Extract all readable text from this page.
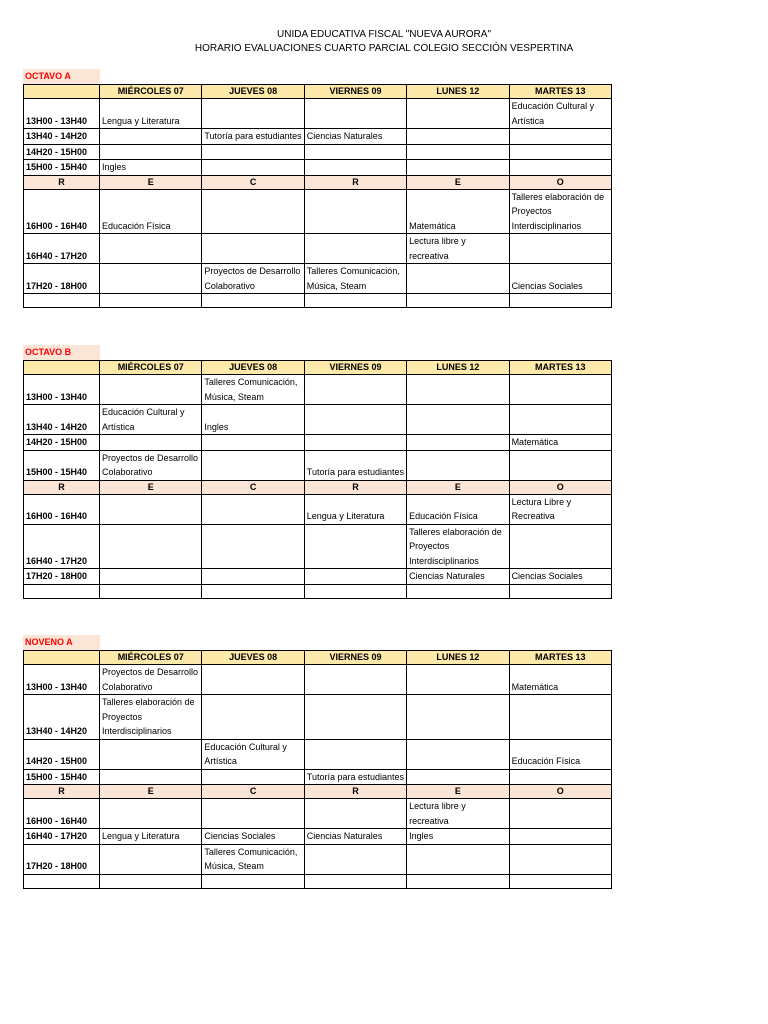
UNIDA EDUCATIVA FISCAL "NUEVA AURORA"
HORARIO EVALUACIONES CUARTO PARCIAL COLEGIO SECCIÓN VESPERTINA
OCTAVO A
	MIÉRCOLES 07	JUEVES 08	VIERNES 09	LUNES 12	MARTES 13
13H00 - 13H40	Lengua y Literatura				Educación Cultural y Artística
13H40 - 14H20		Tutoría para estudiantes	Ciencias Naturales		
14H20 - 15H00					
15H00 - 15H40	Ingles				
R	E	C	R	E	O
16H00 - 16H40	Educación Física			Matemática	Talleres elaboración de Proyectos Interdisciplinarios
16H40 - 17H20				Lectura libre y recreativa	
17H20 - 18H00		Proyectos de Desarrollo Colaborativo	Talleres Comunicación, Música, Steam		Ciencias Sociales

OCTAVO B
	MIÉRCOLES 07	JUEVES 08	VIERNES 09	LUNES 12	MARTES 13
13H00 - 13H40		Talleres Comunicación, Música, Steam			
13H40 - 14H20	Educación Cultural y Artística	Ingles			
14H20 - 15H00					Matemática
15H00 - 15H40	Proyectos de Desarrollo Colaborativo		Tutoría para estudiantes		
R	E	C	R	E	O
16H00 - 16H40			Lengua y Literatura	Educación Física	Lectura Libre y Recreativa
16H40 - 17H20				Talleres elaboración de Proyectos Interdisciplinarios	
17H20 - 18H00				Ciencias Naturales	Ciencias Sociales

NOVENO A
	MIÉRCOLES 07	JUEVES 08	VIERNES 09	LUNES 12	MARTES 13
13H00 - 13H40	Proyectos de Desarrollo Colaborativo				Matemática
13H40 - 14H20	Talleres elaboración de Proyectos Interdisciplinarios				
14H20 - 15H00		Educación Cultural y Artística			Educación Física
15H00 - 15H40			Tutoría para estudiantes		
R	E	C	R	E	O
16H00 - 16H40				Lectura libre y recreativa	
16H40 - 17H20	Lengua y Literatura	Ciencias Sociales	Ciencias Naturales	Ingles	
17H20 - 18H00		Talleres Comunicación, Música, Steam			
